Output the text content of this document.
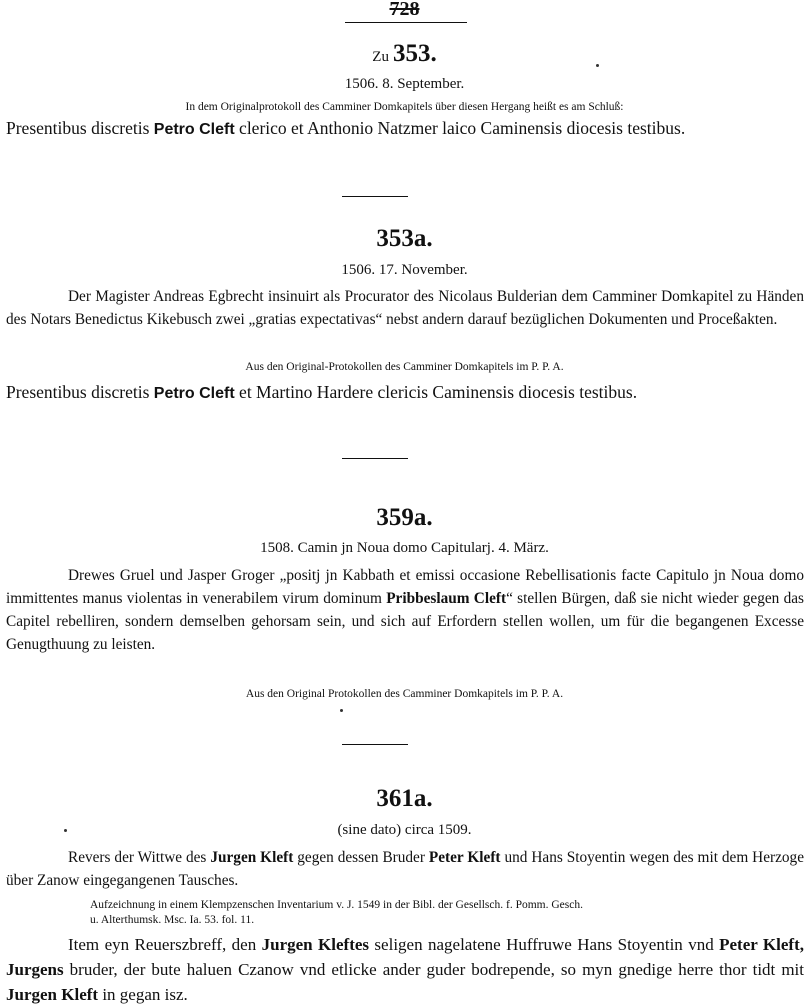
728
Zu 353.
1506. 8. September.
In dem Originalprotokoll des Camminer Domkapitels über diesen Hergang heißt es am Schluß:
Presentibus discretis Petro Cleft clerico et Anthonio Natzmer laico Caminensis diocesis testibus.
353a.
1506. 17. November.
Der Magister Andreas Egbrecht insinuirt als Procurator des Nicolaus Bulderian dem Camminer Domkapitel zu Händen des Notars Benedictus Kikebusch zwei „gratias expectativas“ nebst andern darauf bezüglichen Dokumenten und Proceßakten.
Aus den Original-Protokollen des Camminer Domkapitels im P. P. A.
Presentibus discretis Petro Cleft et Martino Hardere clericis Caminensis diocesis testibus.
359a.
1508. Camin jn Noua domo Capitularj. 4. März.
Drewes Gruel und Jasper Groger „positj jn Kabbath et emissi occasione Rebellisationis facte Capitulo jn Noua domo immittentes manus violentas in venerabilem virum dominum Pribbeslaum Cleft“ stellen Bürgen, daß sie nicht wieder gegen das Capitel rebelliren, sondern demselben gehorsam sein, und sich auf Erfordern stellen wollen, um für die begangenen Excesse Genugthuung zu leisten.
Aus den Original Protokollen des Camminer Domkapitels im P. P. A.
361a.
(sine dato) circa 1509.
Revers der Wittwe des Jurgen Kleft gegen dessen Bruder Peter Kleft und Hans Stoyentin wegen des mit dem Herzoge über Zanow eingegangenen Tausches.
Aufzeichnung in einem Klempzenschen Inventarium v. J. 1549 in der Bibl. der Gesellsch. f. Pomm. Gesch.
u. Alterthumsk. Msc. Ia. 53. fol. 11.
Item eyn Reuerszbreff, den Jurgen Kleftes seligen nagelatene Huffruwe Hans Stoyentin vnd Peter Kleft, Jurgens bruder, der bute haluen Czanow vnd etlicke ander guder bodrepende, so myn gnedige herre thor tidt mit Jurgen Kleft in gegan isz.
